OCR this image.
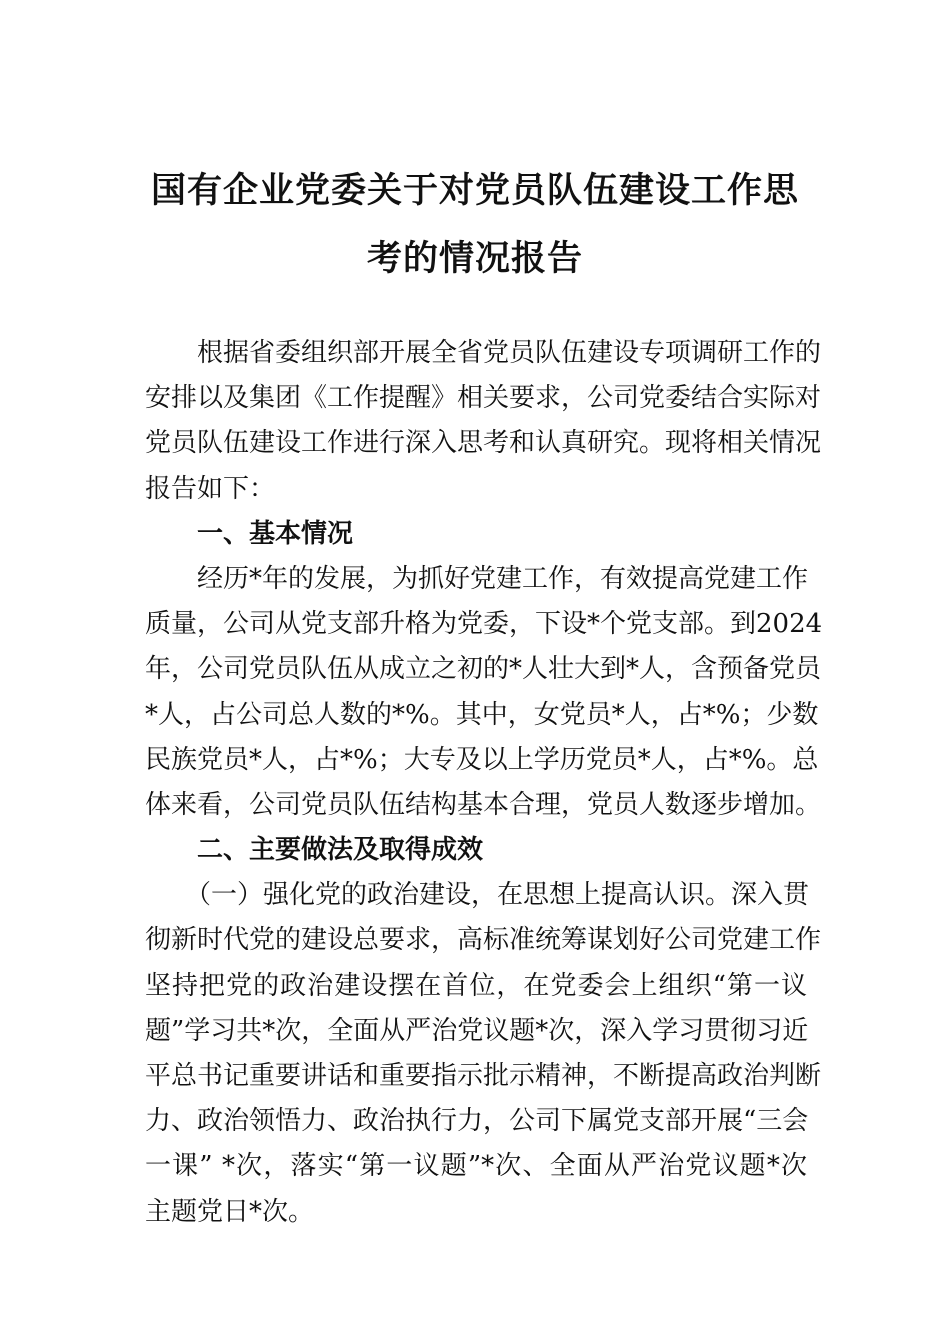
国有企业党委关于对党员队伍建设工作思
考的情况报告
根据省委组织部开展全省党员队伍建设专项调研工作的
安排以及集团《工作提醒》相关要求，公司党委结合实际对
党员队伍建设工作进行深入思考和认真研究。现将相关情况
报告如下：
一、基本情况
经历*年的发展，为抓好党建工作，有效提高党建工作
质量，公司从党支部升格为党委，下设*个党支部。到2024
年，公司党员队伍从成立之初的*人壮大到*人，含预备党员
*人，占公司总人数的*%。其中，女党员*人，占*%；少数
民族党员*人，占*%；大专及以上学历党员*人，占*%。总
体来看，公司党员队伍结构基本合理，党员人数逐步增加。
二、主要做法及取得成效
（一）强化党的政治建设，在思想上提高认识。深入贯
彻新时代党的建设总要求，高标准统筹谋划好公司党建工作
坚持把党的政治建设摆在首位，在党委会上组织“第一议
题”学习共*次，全面从严治党议题*次，深入学习贯彻习近
平总书记重要讲话和重要指示批示精神，不断提高政治判断
力、政治领悟力、政治执行力，公司下属党支部开展“三会
一课” *次，落实“第一议题”*次、全面从严治党议题*次
主题党日*次。
